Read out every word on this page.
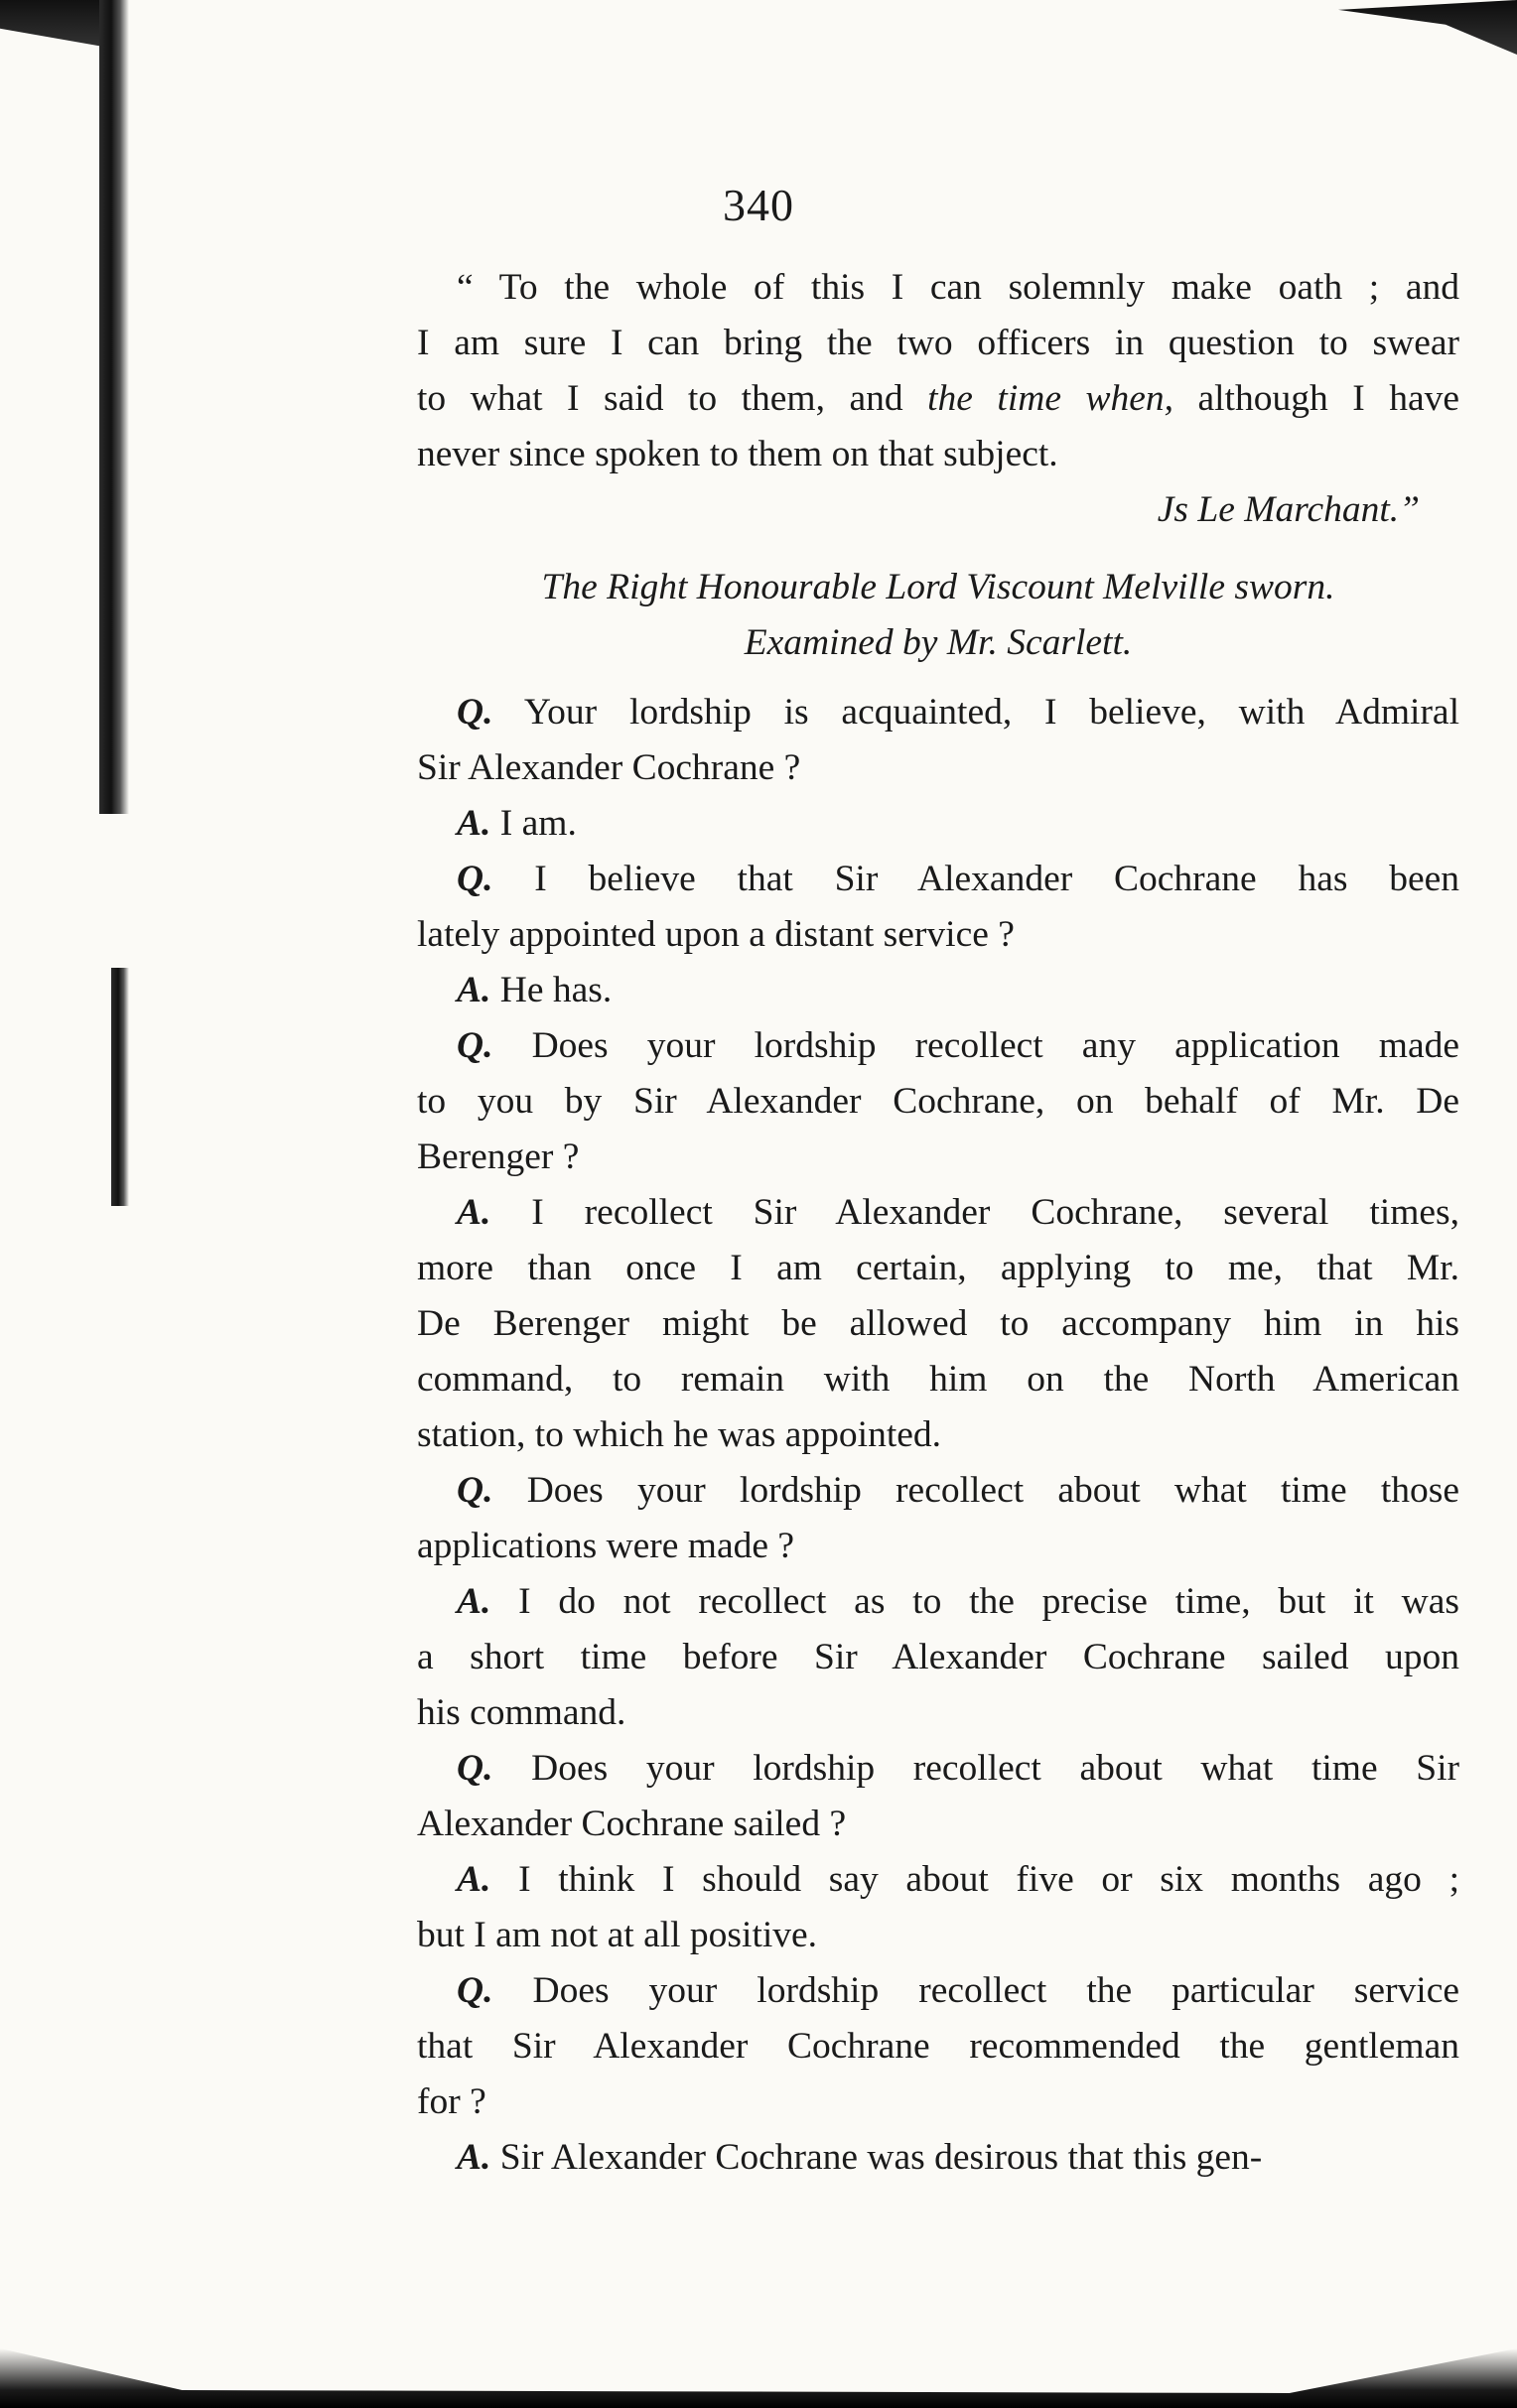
340
“ To the whole of this I can solemnly make oath ; and
I am sure I can bring the two officers in question to swear
to what I said to them, and the time when, although I have
never since spoken to them on that subject.
Js Le Marchant.”
The Right Honourable Lord Viscount Melville sworn.
Examined by Mr. Scarlett.
Q. Your lordship is acquainted, I believe, with Admiral
Sir Alexander Cochrane ?
A. I am.
Q. I believe that Sir Alexander Cochrane has been
lately appointed upon a distant service ?
A. He has.
Q. Does your lordship recollect any application made
to you by Sir Alexander Cochrane, on behalf of Mr. De
Berenger ?
A. I recollect Sir Alexander Cochrane, several times,
more than once I am certain, applying to me, that Mr.
De Berenger might be allowed to accompany him in his
command, to remain with him on the North American
station, to which he was appointed.
Q. Does your lordship recollect about what time those
applications were made ?
A. I do not recollect as to the precise time, but it was
a short time before Sir Alexander Cochrane sailed upon
his command.
Q. Does your lordship recollect about what time Sir
Alexander Cochrane sailed ?
A. I think I should say about five or six months ago ;
but I am not at all positive.
Q. Does your lordship recollect the particular service
that Sir Alexander Cochrane recommended the gentleman
for ?
A. Sir Alexander Cochrane was desirous that this gen-
